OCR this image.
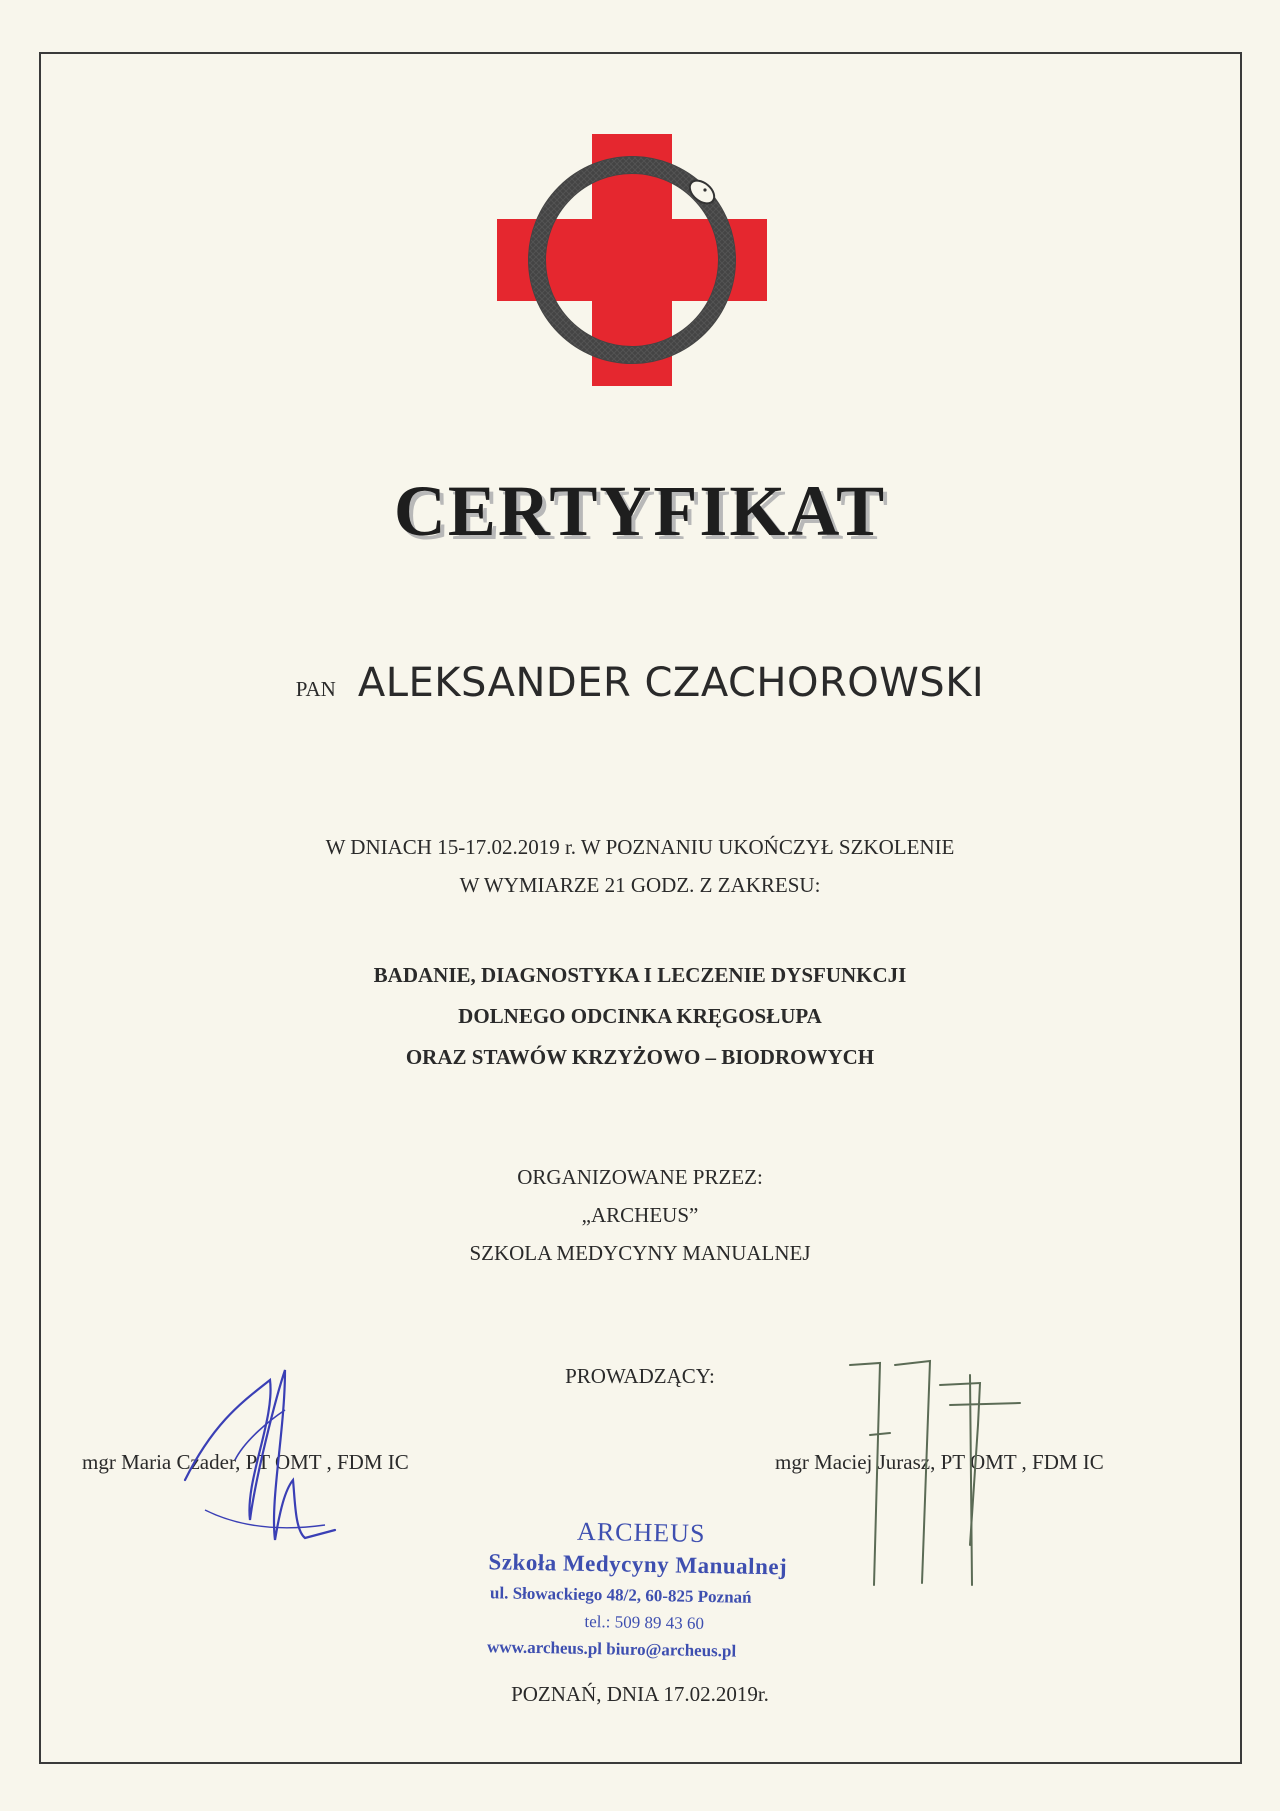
CERTYFIKAT
PAN ALEKSANDER CZACHOROWSKI
W DNIACH 15-17.02.2019 r. W POZNANIU UKOŃCZYŁ SZKOLENIE
W WYMIARZE 21 GODZ. Z ZAKRESU:
BADANIE, DIAGNOSTYKA I LECZENIE DYSFUNKCJI
DOLNEGO ODCINKA KRĘGOSŁUPA
ORAZ STAWÓW KRZYŻOWO – BIODROWYCH
ORGANIZOWANE PRZEZ:
„ARCHEUS”
SZKOLA MEDYCYNY MANUALNEJ
PROWADZĄCY:
mgr Maria Czader, PT OMT , FDM IC	mgr Maciej Jurasz, PT OMT , FDM IC
ARCHEUS
Szkoła Medycyny Manualnej
ul. Słowackiego 48/2, 60-825 Poznań
tel.: 509 89 43 60
www.archeus.pl biuro@archeus.pl
POZNAŃ, DNIA 17.02.2019r.
